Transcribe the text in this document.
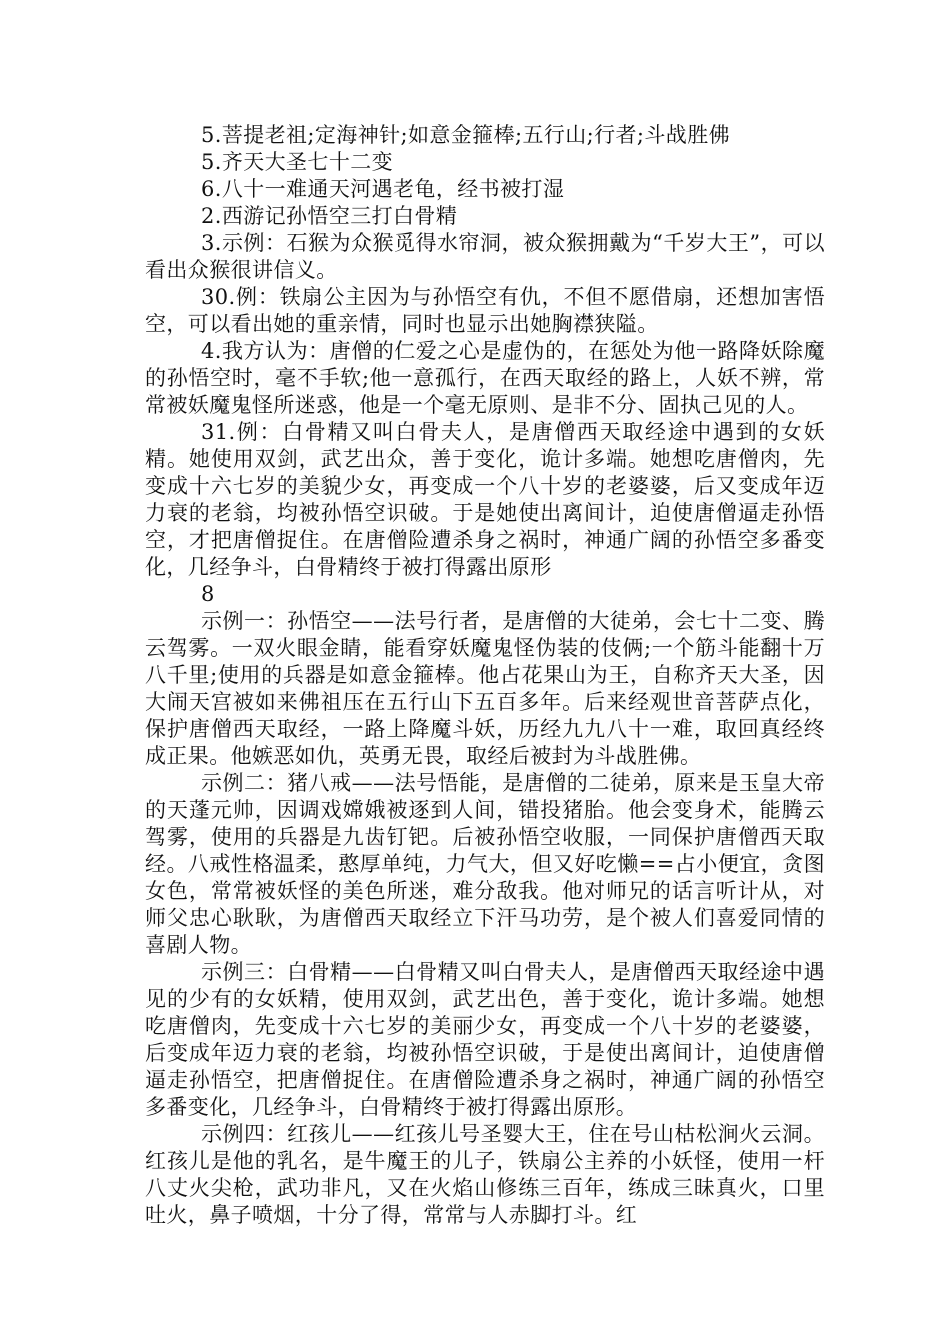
5.菩提老祖;定海神针;如意金箍棒;五行山;行者;斗战胜佛

5.齐天大圣七十二变

6.八十一难通天河遇老龟，经书被打湿

2.西游记孙悟空三打白骨精

3.示例：石猴为众猴觅得水帘洞，被众猴拥戴为“千岁大王”，可以看出众猴很讲信义。

30.例：铁扇公主因为与孙悟空有仇，不但不愿借扇，还想加害悟空，可以看出她的重亲情，同时也显示出她胸襟狭隘。

4.我方认为：唐僧的仁爱之心是虚伪的，在惩处为他一路降妖除魔的孙悟空时，毫不手软;他一意孤行，在西天取经的路上，人妖不辨，常常被妖魔鬼怪所迷惑，他是一个毫无原则、是非不分、固执己见的人。

31.例：白骨精又叫白骨夫人，是唐僧西天取经途中遇到的女妖精。她使用双剑，武艺出众，善于变化，诡计多端。她想吃唐僧肉，先变成十六七岁的美貌少女，再变成一个八十岁的老婆婆，后又变成年迈力衰的老翁，均被孙悟空识破。于是她使出离间计，迫使唐僧逼走孙悟空，才把唐僧捉住。在唐僧险遭杀身之祸时，神通广阔的孙悟空多番变化，几经争斗，白骨精终于被打得露出原形

8

示例一：孙悟空——法号行者，是唐僧的大徒弟，会七十二变、腾云驾雾。一双火眼金睛，能看穿妖魔鬼怪伪装的伎俩;一个筋斗能翻十万八千里;使用的兵器是如意金箍棒。他占花果山为王，自称齐天大圣，因大闹天宫被如来佛祖压在五行山下五百多年。后来经观世音菩萨点化，保护唐僧西天取经，一路上降魔斗妖，历经九九八十一难，取回真经终成正果。他嫉恶如仇，英勇无畏，取经后被封为斗战胜佛。

示例二：猪八戒——法号悟能，是唐僧的二徒弟，原来是玉皇大帝的天蓬元帅，因调戏嫦娥被逐到人间，错投猪胎。他会变身术，能腾云驾雾，使用的兵器是九齿钉钯。后被孙悟空收服，一同保护唐僧西天取经。八戒性格温柔，憨厚单纯，力气大，但又好吃懒==占小便宜，贪图女色，常常被妖怪的美色所迷，难分敌我。他对师兄的话言听计从，对师父忠心耿耿，为唐僧西天取经立下汗马功劳，是个被人们喜爱同情的喜剧人物。

示例三：白骨精——白骨精又叫白骨夫人，是唐僧西天取经途中遇见的少有的女妖精，使用双剑，武艺出色，善于变化，诡计多端。她想吃唐僧肉，先变成十六七岁的美丽少女，再变成一个八十岁的老婆婆，后变成年迈力衰的老翁，均被孙悟空识破，于是使出离间计，迫使唐僧逼走孙悟空，把唐僧捉住。在唐僧险遭杀身之祸时，神通广阔的孙悟空多番变化，几经争斗，白骨精终于被打得露出原形。

示例四：红孩儿——红孩儿号圣婴大王，住在号山枯松涧火云洞。红孩儿是他的乳名，是牛魔王的儿子，铁扇公主养的小妖怪，使用一杆八丈火尖枪，武功非凡，又在火焰山修练三百年，练成三昧真火，口里吐火，鼻子喷烟，十分了得，常常与人赤脚打斗。红
